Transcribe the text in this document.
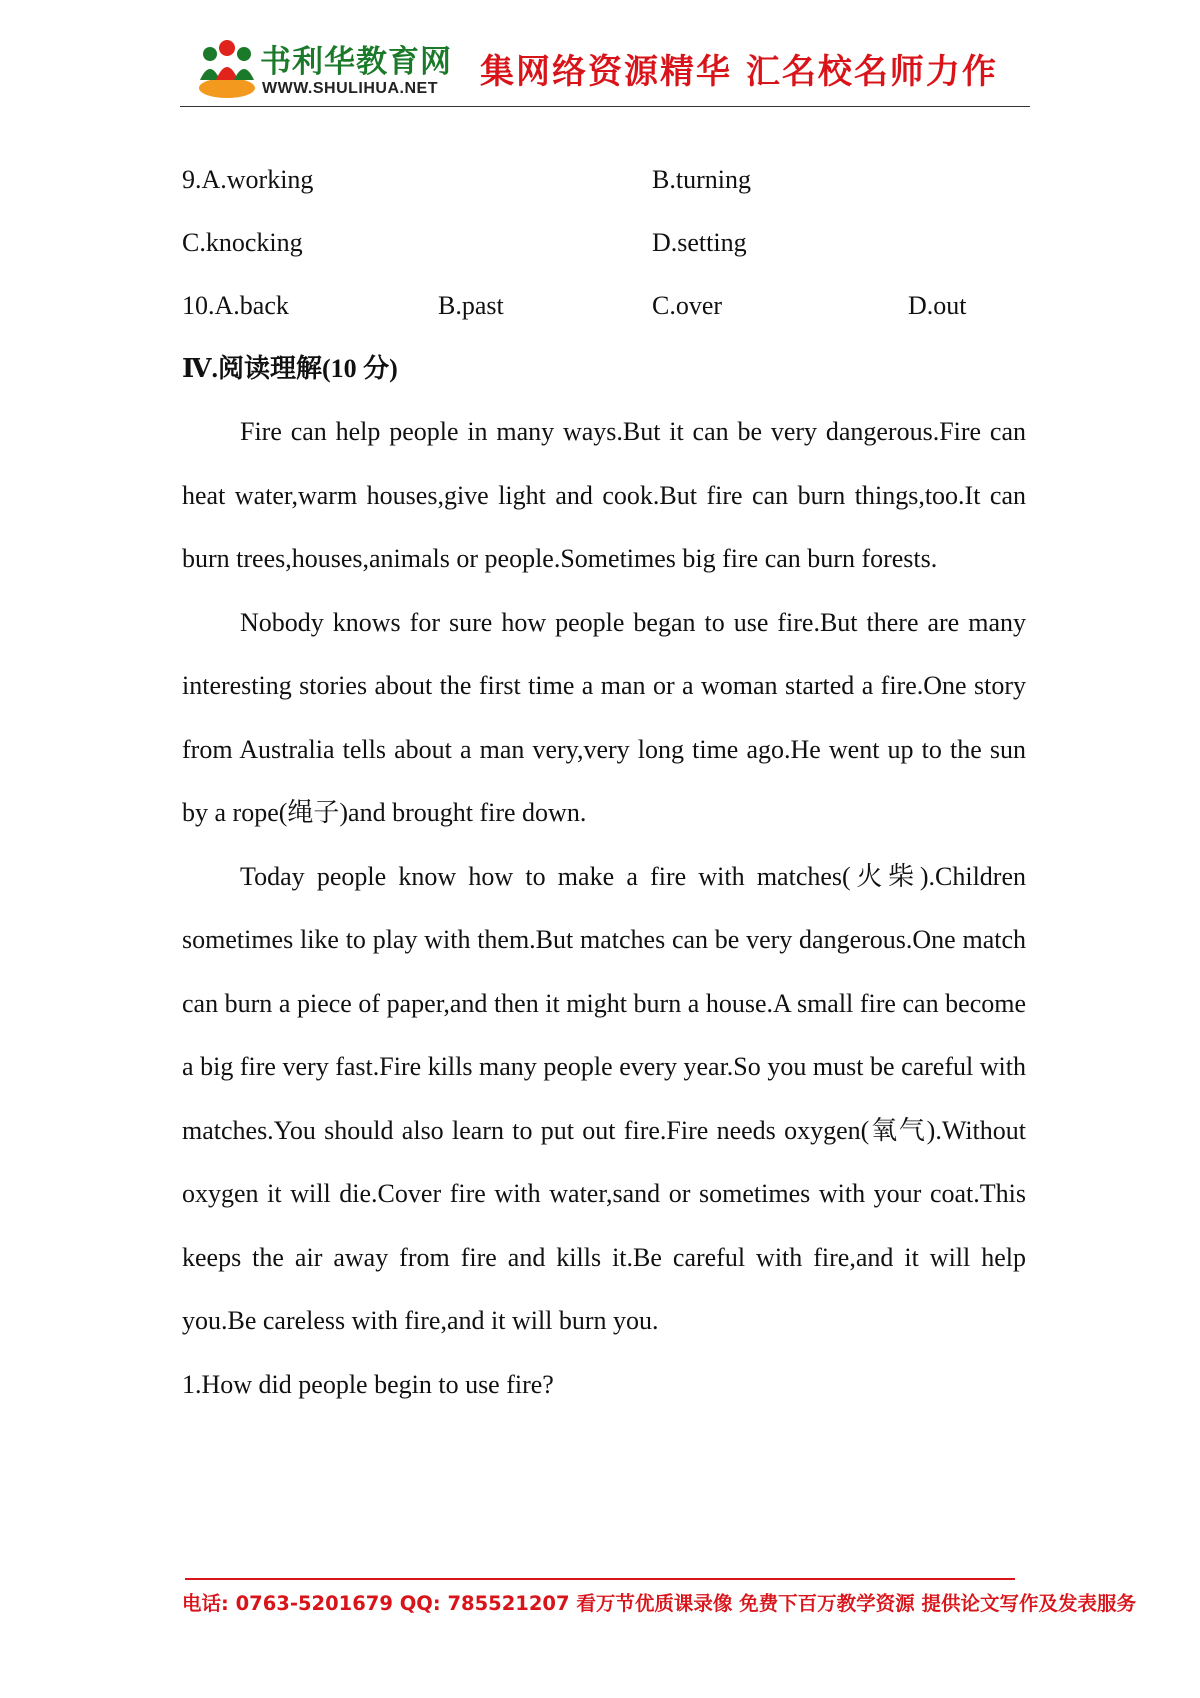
书利华教育网
WWW.SHULIHUA.NET 集网络资源精华 汇名校名师力作
9.A.working	B.turning
C.knocking	D.setting
10.A.back	B.past	C.over	D.out
Ⅳ.阅读理解(10 分)

Fire can help people in many ways.But it can be very dangerous.Fire can heat water,warm houses,give light and cook.But fire can burn things,too.It can burn trees,houses,animals or people.Sometimes big fire can burn forests.

Nobody knows for sure how people began to use fire.But there are many interesting stories about the first time a man or a woman started a fire.One story from Australia tells about a man very,very long time ago.He went up to the sun by a rope(绳子)and brought fire down.

Today people know how to make a fire with matches(火柴).Children sometimes like to play with them.But matches can be very dangerous.One match can burn a piece of paper,and then it might burn a house.A small fire can become a big fire very fast.Fire kills many people every year.So you must be careful with matches.You should also learn to put out fire.Fire needs oxygen(氧气).Without oxygen it will die.Cover fire with water,sand or sometimes with your coat.This keeps the air away from fire and kills it.Be careful with fire,and it will help you.Be careless with fire,and it will burn you.

1.How did people begin to use fire?
电话: 0763-5201679 QQ: 785521207 看万节优质课录像 免费下百万教学资源 提供论文写作及发表服务
